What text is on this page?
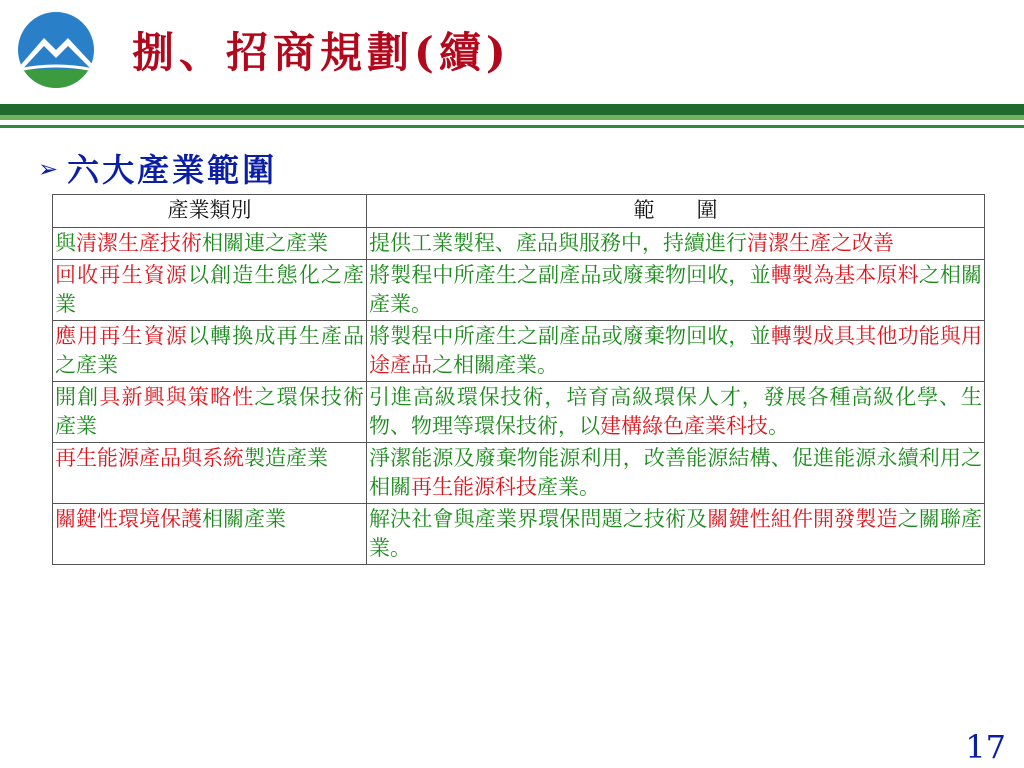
捌、招商規劃(續)
➢ 六大產業範圍
產業類別	範　　圍
與清潔生產技術相關連之產業	提供工業製程、產品與服務中，持續進行清潔生產之改善
回收再生資源以創造生態化之產業	將製程中所產生之副產品或廢棄物回收，並轉製為基本原料之相關產業。
應用再生資源以轉換成再生產品之產業	將製程中所產生之副產品或廢棄物回收，並轉製成具其他功能與用途產品之相關產業。
開創具新興與策略性之環保技術產業	引進高級環保技術，培育高級環保人才，發展各種高級化學、生物、物理等環保技術，以建構綠色產業科技。
再生能源產品與系統製造產業	淨潔能源及廢棄物能源利用，改善能源結構、促進能源永續利用之相關再生能源科技產業。
關鍵性環境保護相關產業	解決社會與產業界環保問題之技術及關鍵性組件開發製造之關聯產業。
17
